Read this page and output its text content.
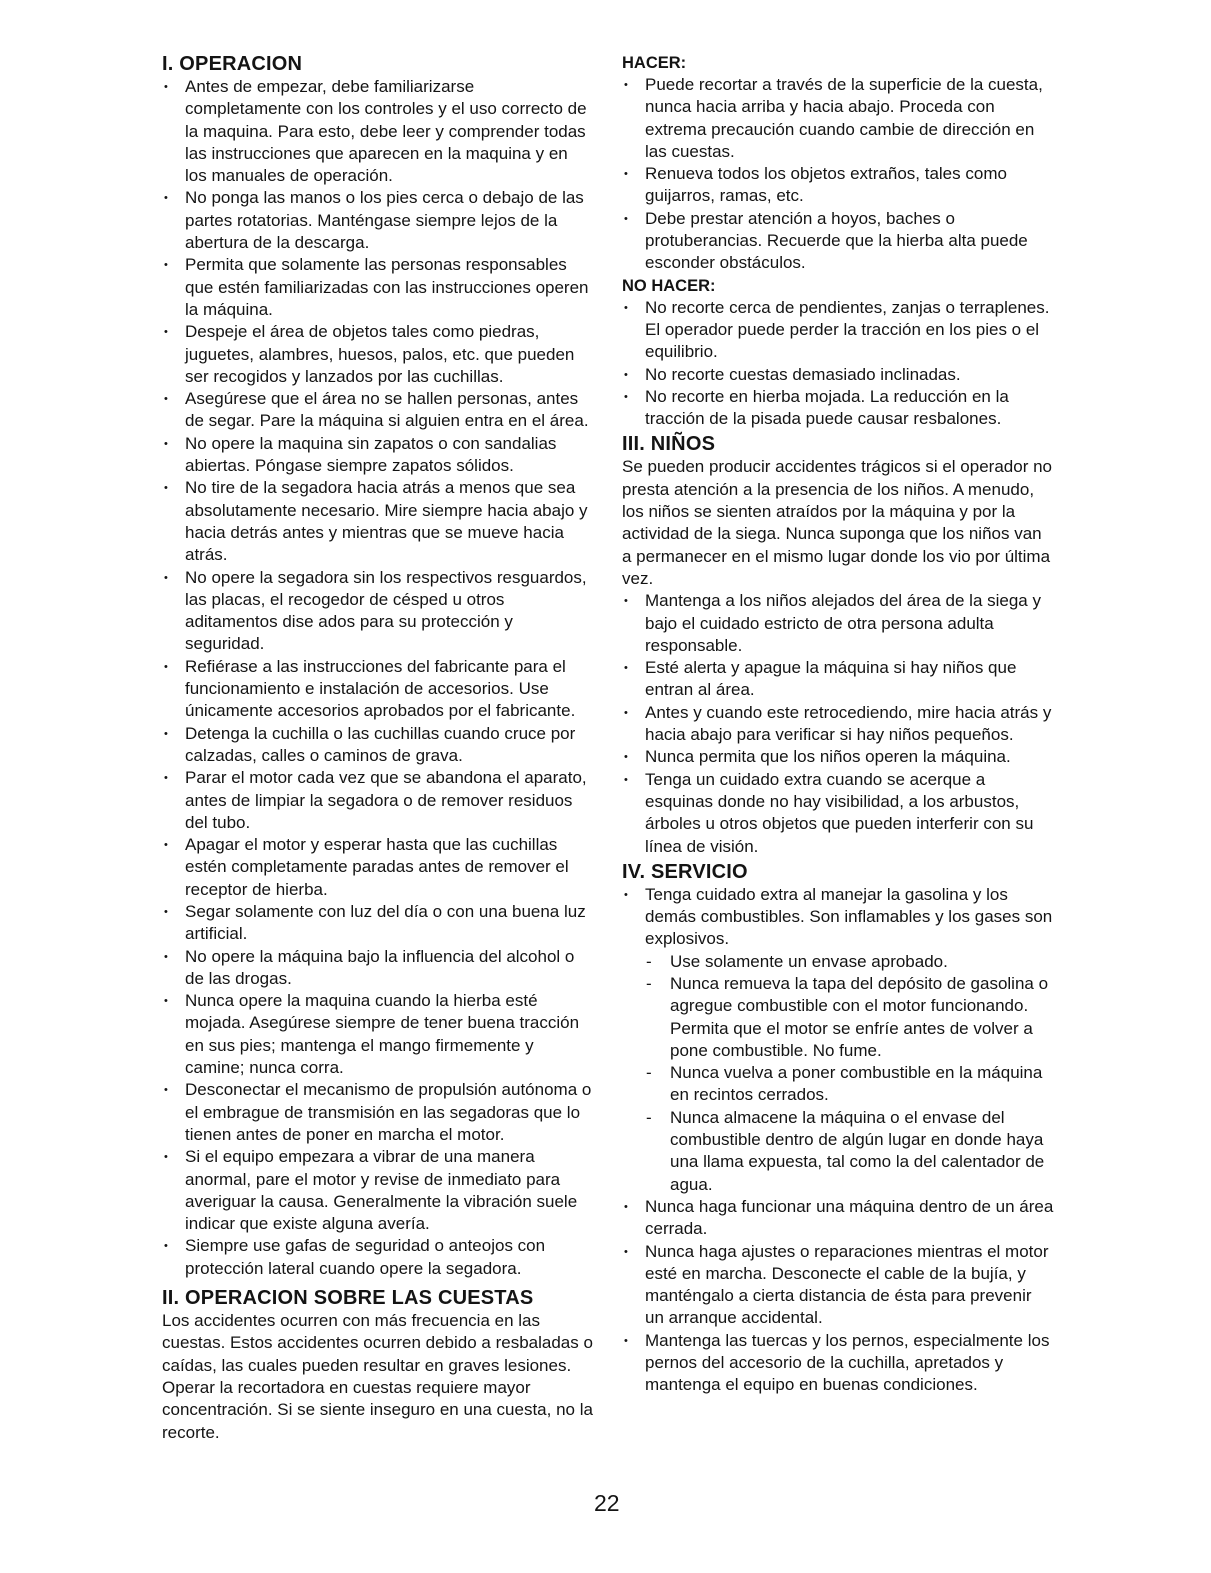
I. OPERACION
• Antes de empezar, debe familiarizarse completamente con los controles y el uso correcto de la maquina. Para esto, debe leer y comprender todas las instrucciones que aparecen en la maquina y en los manuales de operación.
• No ponga las manos o los pies cerca o debajo de las partes rotatorias. Manténgase siempre lejos de la abertura de la descarga.
• Permita que solamente las personas responsables que estén familiarizadas con las instrucciones operen la máquina.
• Despeje el área de objetos tales como piedras, juguetes, alambres, huesos, palos, etc. que pueden ser recogidos y lanzados por las cuchillas.
• Asegúrese que el área no se hallen personas, antes de segar. Pare la máquina si alguien entra en el área.
• No opere la maquina sin zapatos o con sandalias abiertas. Póngase siempre zapatos sólidos.
• No tire de la segadora hacia atrás a menos que sea absolutamente necesario. Mire siempre hacia abajo y hacia detrás antes y mientras que se mueve hacia atrás.
• No opere la segadora sin los respectivos resguardos, las placas, el recogedor de césped u otros aditamentos dise ados para su protección y seguridad.
• Refiérase a las instrucciones del fabricante para el funcionamiento e instalación de accesorios. Use únicamente accesorios aprobados por el fabricante.
• Detenga la cuchilla o las cuchillas cuando cruce por calzadas, calles o caminos de grava.
• Parar el motor cada vez que se abandona el aparato, antes de limpiar la segadora o de remover residuos del tubo.
• Apagar el motor y esperar hasta que las cuchillas estén completamente paradas antes de remover el receptor de hierba.
• Segar solamente con luz del día o con una buena luz artificial.
• No opere la máquina bajo la influencia del alcohol o de las drogas.
• Nunca opere la maquina cuando la hierba esté mojada. Asegúrese siempre de tener buena tracción en sus pies; mantenga el mango firmemente y camine; nunca corra.
• Desconectar el mecanismo de propulsión autónoma o el embrague de transmisión en las segadoras que lo tienen antes de poner en marcha el motor.
• Si el equipo empezara a vibrar de una manera anormal, pare el motor y revise de inmediato para averiguar la causa. Generalmente la vibración suele indicar que existe alguna avería.
• Siempre use gafas de seguridad o anteojos con protección lateral cuando opere la segadora.
II. OPERACION SOBRE LAS CUESTAS

Los accidentes ocurren con más frecuencia en las cuestas. Estos accidentes ocurren debido a resbaladas o caídas, las cuales pueden resultar en graves lesiones. Operar la recortadora en cuestas requiere mayor concentración. Si se siente inseguro en una cuesta, no la recorte.

HACER:
• Puede recortar a través de la superficie de la cuesta, nunca hacia arriba y hacia abajo. Proceda con extrema precaución cuando cambie de dirección en las cuestas.
• Renueva todos los objetos extraños, tales como guijarros, ramas, etc.
• Debe prestar atención a hoyos, baches o protuberancias. Recuerde que la hierba alta puede esconder obstáculos.
NO HACER:
• No recorte cerca de pendientes, zanjas o terraplenes. El operador puede perder la tracción en los pies o el equilibrio.
• No recorte cuestas demasiado inclinadas.
• No recorte en hierba mojada. La reducción en la tracción de la pisada puede causar resbalones.
III. NIÑOS

Se pueden producir accidentes trágicos si el operador no presta atención a la presencia de los niños. A menudo, los niños se sienten atraídos por la máquina y por la actividad de la siega. Nunca suponga que los niños van a permanecer en el mismo lugar donde los vio por última vez.

• Mantenga a los niños alejados del área de la siega y bajo el cuidado estricto de otra persona adulta responsable.
• Esté alerta y apague la máquina si hay niños que entran al área.
• Antes y cuando este retrocediendo, mire hacia atrás y hacia abajo para verificar si hay niños pequeños.
• Nunca permita que los niños operen la máquina.
• Tenga un cuidado extra cuando se acerque a esquinas donde no hay visibilidad, a los arbustos, árboles u otros objetos que pueden interferir con su línea de visión.
IV. SERVICIO
• Tenga cuidado extra al manejar la gasolina y los demás combustibles. Son inflamables y los gases son explosivos.
- Use solamente un envase aprobado.
- Nunca remueva la tapa del depósito de gasolina o agregue combustible con el motor funcionando. Permita que el motor se enfríe antes de volver a pone combustible. No fume.
- Nunca vuelva a poner combustible en la máquina en recintos cerrados.
- Nunca almacene la máquina o el envase del combustible dentro de algún lugar en donde haya una llama expuesta, tal como la del calentador de agua.
• Nunca haga funcionar una máquina dentro de un área cerrada.
• Nunca haga ajustes o reparaciones mientras el motor esté en marcha. Desconecte el cable de la bujía, y manténgalo a cierta distancia de ésta para prevenir un arranque accidental.
• Mantenga las tuercas y los pernos, especialmente los pernos del accesorio de la cuchilla, apretados y mantenga el equipo en buenas condiciones.
22
